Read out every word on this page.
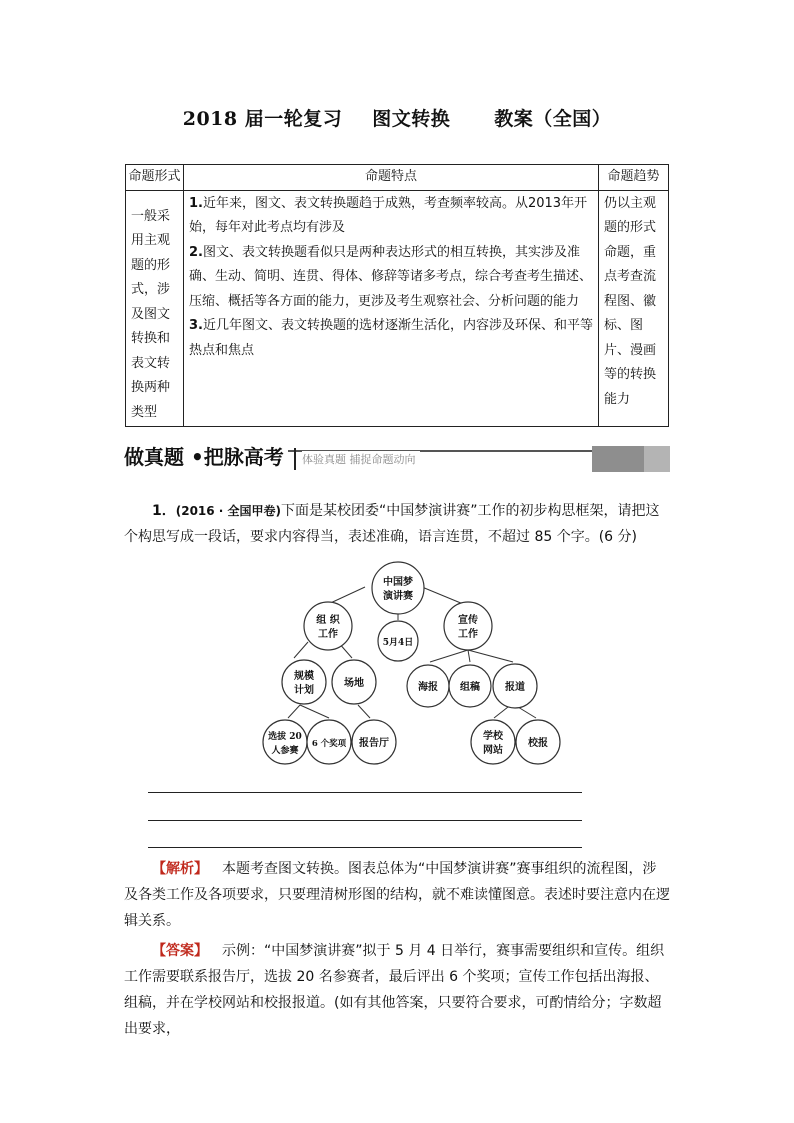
2018 届一轮复习 图文转换 教案（全国）
命题形式	命题特点	命题趋势
一般采用主观题的形式，涉及图文转换和表文转换两种类型	1.近年来，图文、表文转换题趋于成熟，考查频率较高。从2013年开始，每年对此考点均有涉及
2.图文、表文转换题看似只是两种表达形式的相互转换，其实涉及准确、生动、简明、连贯、得体、修辞等诸多考点，综合考查考生描述、压缩、概括等各方面的能力，更涉及考生观察社会、分析问题的能力
3.近几年图文、表文转换题的选材逐渐生活化，内容涉及环保、和平等热点和焦点	仍以主观题的形式命题，重点考查流程图、徽标、图片、漫画等的转换能力
做真题 •把脉高考	体验真题 捕捉命题动向
1．(2016 · 全国甲卷)下面是某校团委“中国梦演讲赛”工作的初步构思框架，请把这个构思写成一段话，要求内容得当，表述准确，语言连贯，不超过 85 个字。(6 分)
中国梦
演讲赛
组 织
工作
5月4日
宣传
工作
规模
计划
场地	海报 组稿	报道
选拔 20
人参赛
6 个奖项 报告厅
学校
网站
校报
【解析】 本题考查图文转换。图表总体为“中国梦演讲赛”赛事组织的流程图，涉及各类工作及各项要求，只要理清树形图的结构，就不难读懂图意。表述时要注意内在逻辑关系。
【答案】 示例：“中国梦演讲赛”拟于 5 月 4 日举行，赛事需要组织和宣传。组织工作需要联系报告厅，选拔 20 名参赛者，最后评出 6 个奖项；宣传工作包括出海报、组稿，并在学校网站和校报报道。(如有其他答案，只要符合要求，可酌情给分；字数超出要求，
